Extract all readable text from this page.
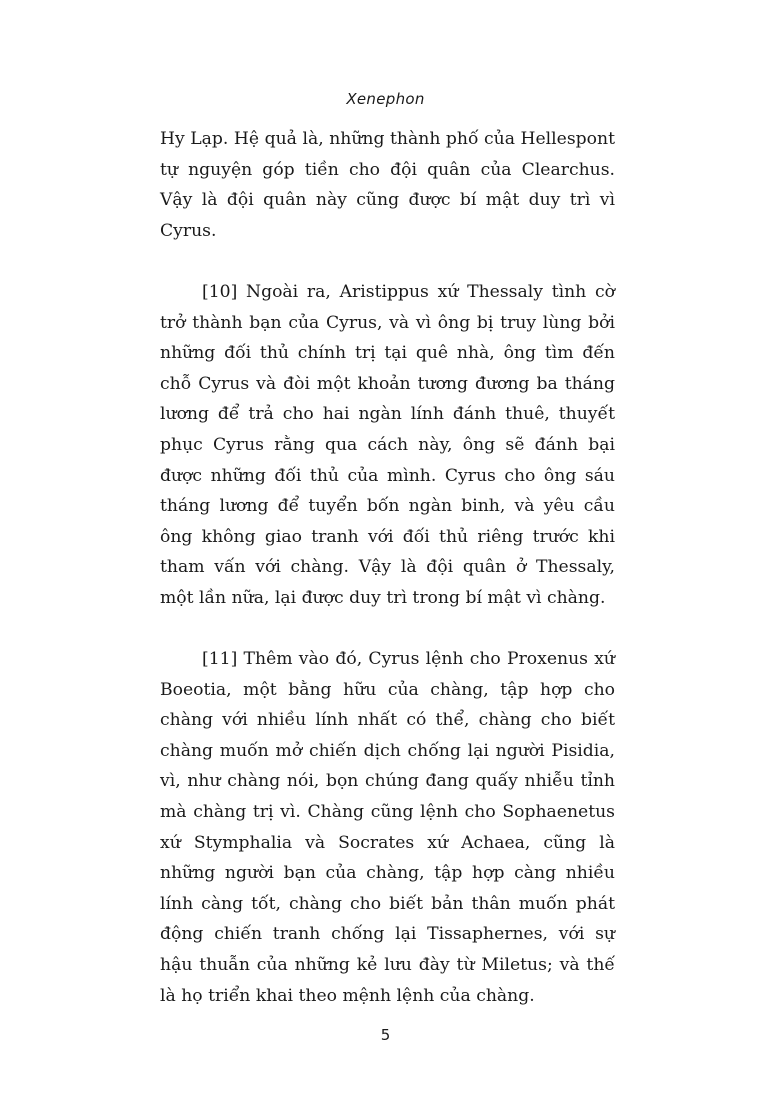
Xenephon

Hy Lạp. Hệ quả là, những thành phố của Hellespont tự nguyện góp tiền cho đội quân của Clearchus. Vậy là đội quân này cũng được bí mật duy trì vì Cyrus.

[10] Ngoài ra, Aristippus xứ Thessaly tình cờ trở thành bạn của Cyrus, và vì ông bị truy lùng bởi những đối thủ chính trị tại quê nhà, ông tìm đến chỗ Cyrus và đòi một khoản tương đương ba tháng lương để trả cho hai ngàn lính đánh thuê, thuyết phục Cyrus rằng qua cách này, ông sẽ đánh bại được những đối thủ của mình. Cyrus cho ông sáu tháng lương để tuyển bốn ngàn binh, và yêu cầu ông không giao tranh với đối thủ riêng trước khi tham vấn với chàng. Vậy là đội quân ở Thessaly, một lần nữa, lại được duy trì trong bí mật vì chàng.

[11] Thêm vào đó, Cyrus lệnh cho Proxenus xứ Boeotia, một bằng hữu của chàng, tập hợp cho chàng với nhiều lính nhất có thể, chàng cho biết chàng muốn mở chiến dịch chống lại người Pisidia, vì, như chàng nói, bọn chúng đang quấy nhiễu tỉnh mà chàng trị vì. Chàng cũng lệnh cho Sophaenetus xứ Stymphalia và Socrates xứ Achaea, cũng là những người bạn của chàng, tập hợp càng nhiều lính càng tốt, chàng cho biết bản thân muốn phát động chiến tranh chống lại Tissaphernes, với sự hậu thuẫn của những kẻ lưu đày từ Miletus; và thế là họ triển khai theo mệnh lệnh của chàng.

5
